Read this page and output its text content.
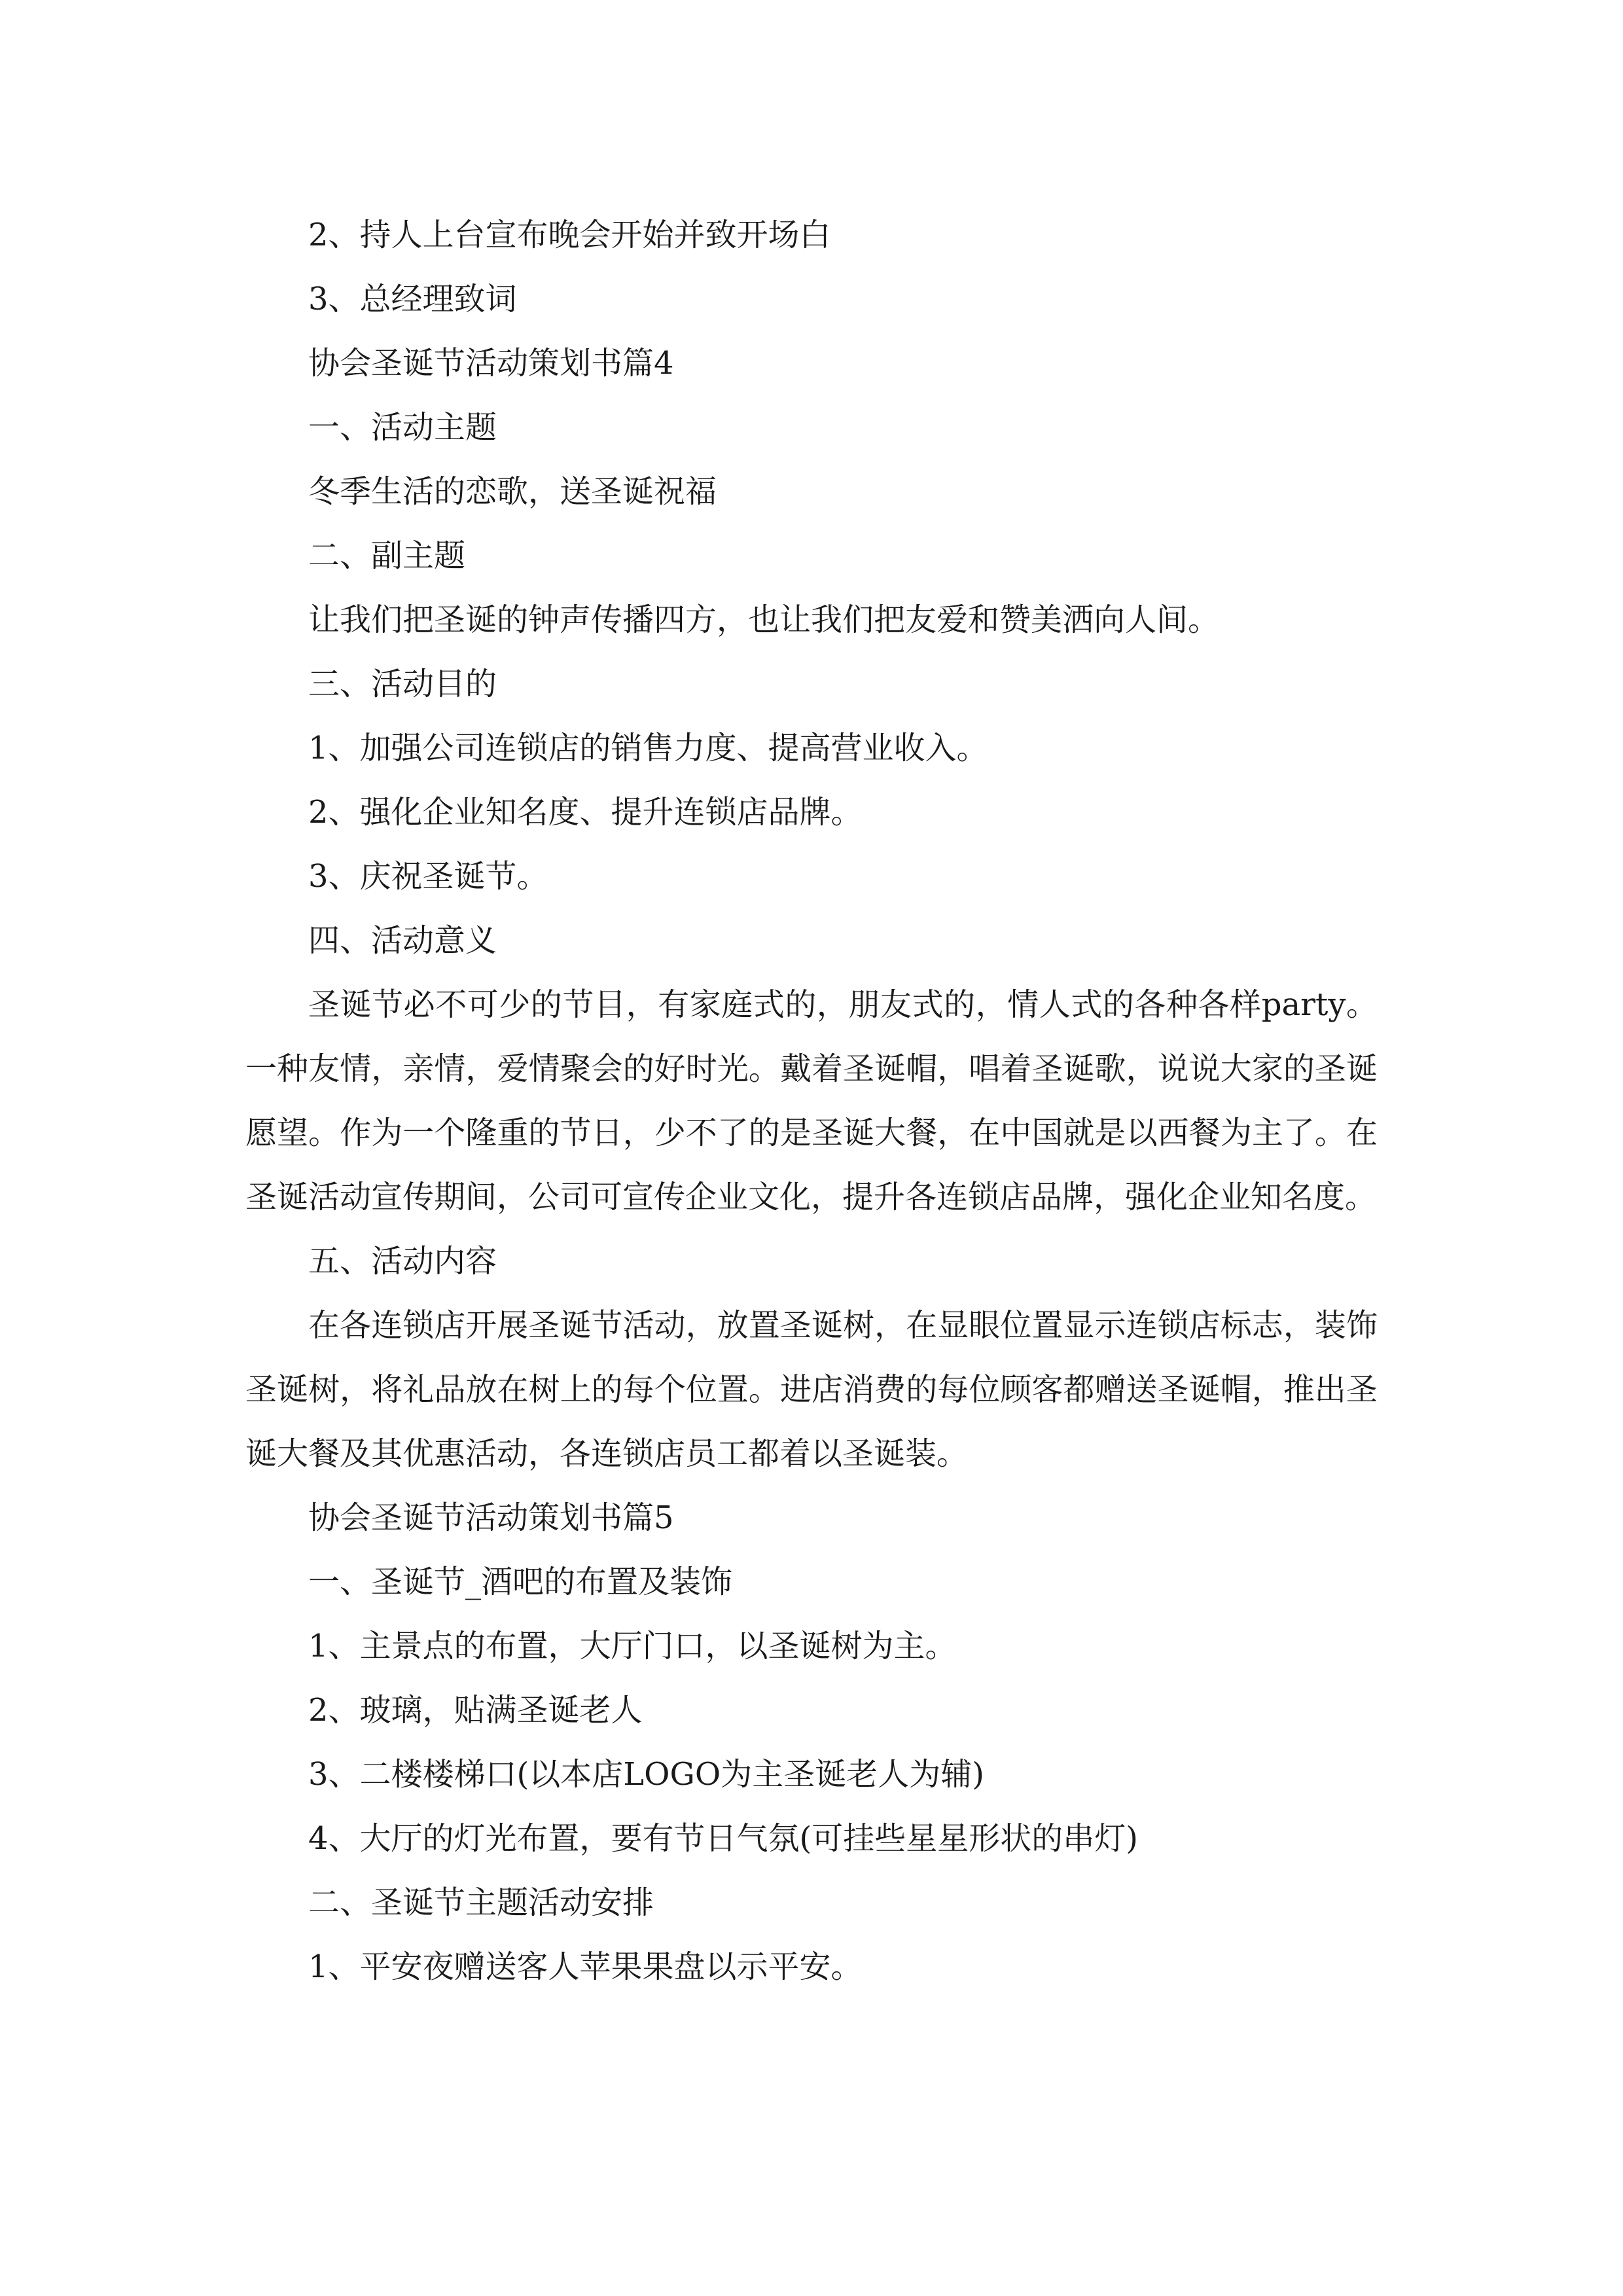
2、持人上台宣布晚会开始并致开场白
3、总经理致词
协会圣诞节活动策划书篇4
一、活动主题
冬季生活的恋歌，送圣诞祝福
二、副主题
让我们把圣诞的钟声传播四方，也让我们把友爱和赞美洒向人间。
三、活动目的
1、加强公司连锁店的销售力度、提高营业收入。
2、强化企业知名度、提升连锁店品牌。
3、庆祝圣诞节。
四、活动意义

圣诞节必不可少的节目，有家庭式的，朋友式的，情人式的各种各样party。一种友情，亲情，爱情聚会的好时光。戴着圣诞帽，唱着圣诞歌，说说大家的圣诞愿望。作为一个隆重的节日，少不了的是圣诞大餐，在中国就是以西餐为主了。在圣诞活动宣传期间，公司可宣传企业文化，提升各连锁店品牌，强化企业知名度。

五、活动内容

在各连锁店开展圣诞节活动，放置圣诞树，在显眼位置显示连锁店标志，装饰圣诞树，将礼品放在树上的每个位置。进店消费的每位顾客都赠送圣诞帽，推出圣诞大餐及其优惠活动，各连锁店员工都着以圣诞装。

协会圣诞节活动策划书篇5
一、圣诞节_酒吧的布置及装饰
1、主景点的布置，大厅门口，以圣诞树为主。
2、玻璃，贴满圣诞老人
3、二楼楼梯口(以本店LOGO为主圣诞老人为辅)
4、大厅的灯光布置，要有节日气氛(可挂些星星形状的串灯)
二、圣诞节主题活动安排
1、平安夜赠送客人苹果果盘以示平安。
